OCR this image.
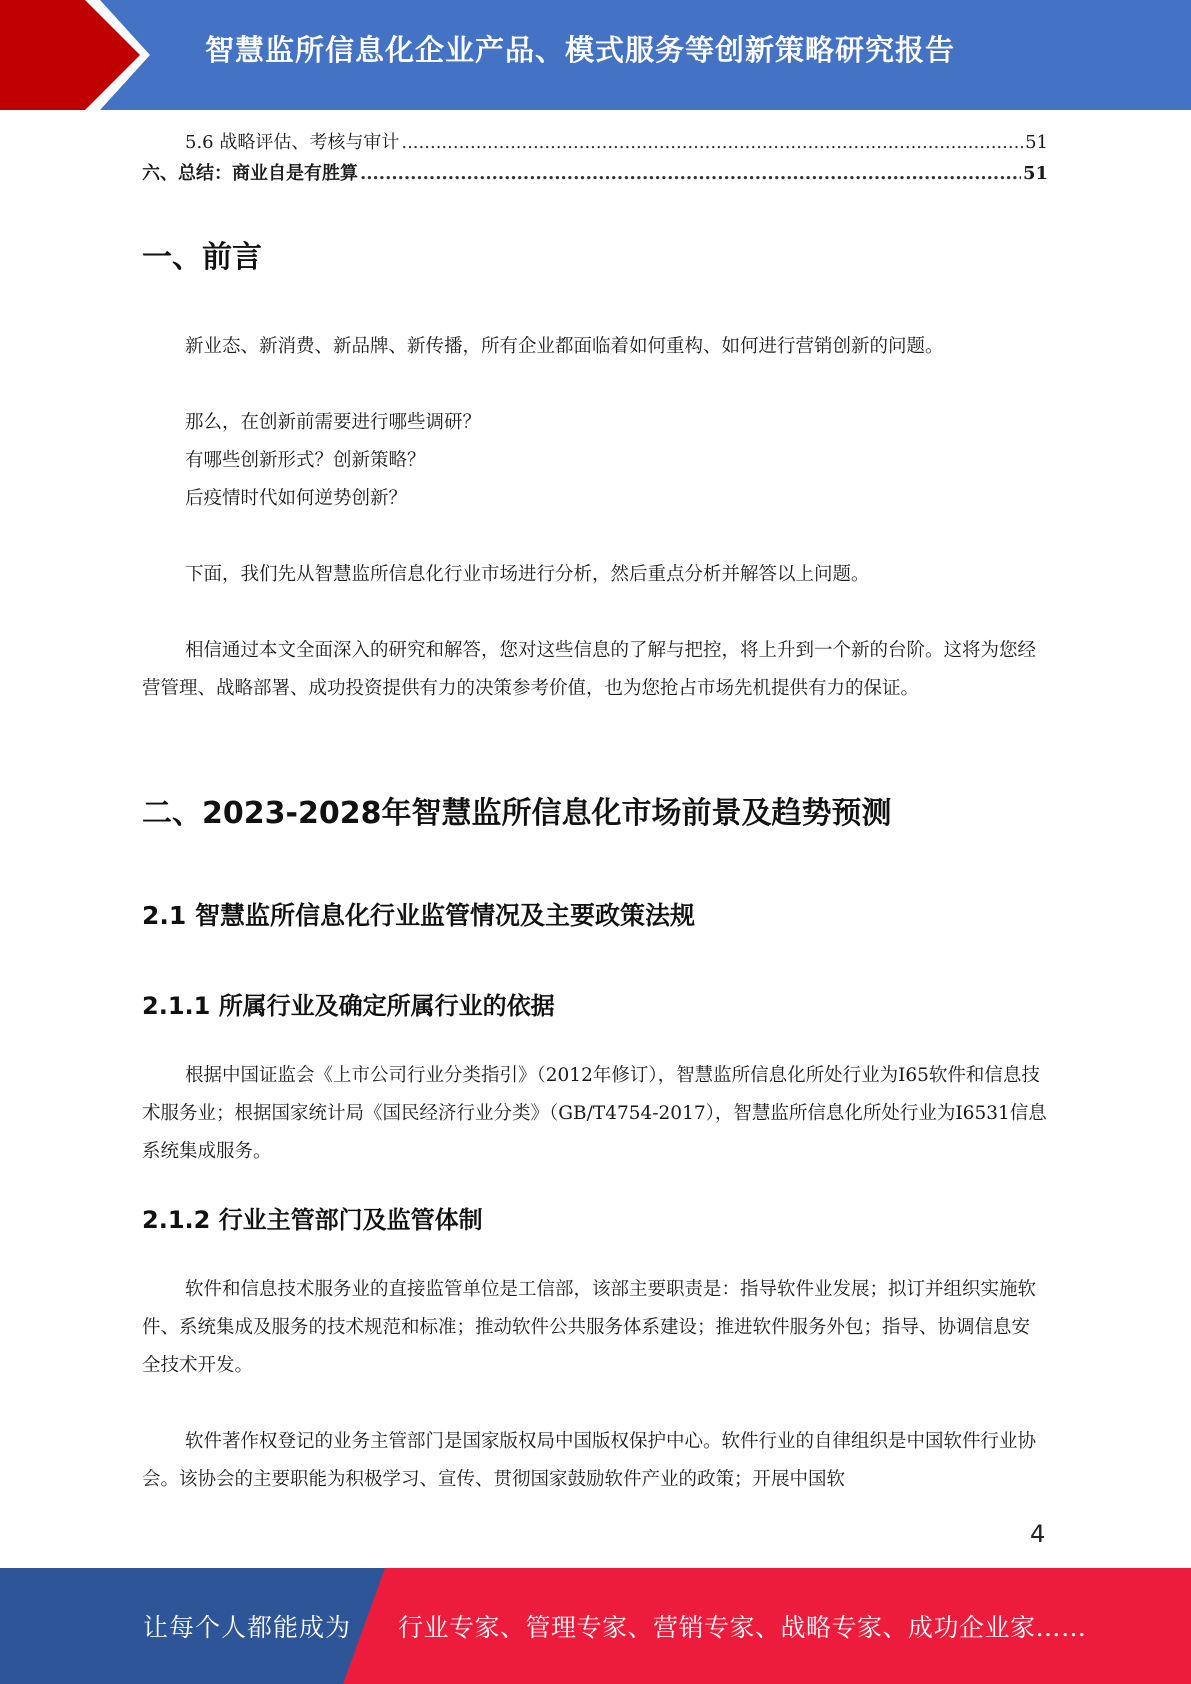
智慧监所信息化企业产品、模式服务等创新策略研究报告
5.6 战略评估、考核与审计 .....	51
六、总结：商业自是有胜算 .....	51
一、前言

新业态、新消费、新品牌、新传播，所有企业都面临着如何重构、如何进行营销创新的问题。

那么，在创新前需要进行哪些调研？

有哪些创新形式？创新策略？

后疫情时代如何逆势创新？

下面，我们先从智慧监所信息化行业市场进行分析，然后重点分析并解答以上问题。

相信通过本文全面深入的研究和解答，您对这些信息的了解与把控，将上升到一个新的台阶。这将为您经营管理、战略部署、成功投资提供有力的决策参考价值，也为您抢占市场先机提供有力的保证。

二、2023-2028年智慧监所信息化市场前景及趋势预测
2.1 智慧监所信息化行业监管情况及主要政策法规
2.1.1 所属行业及确定所属行业的依据

根据中国证监会《上市公司行业分类指引》（2012年修订），智慧监所信息化所处行业为I65软件和信息技术服务业；根据国家统计局《国民经济行业分类》（GB/T4754-2017），智慧监所信息化所处行业为I6531信息系统集成服务。

2.1.2 行业主管部门及监管体制

软件和信息技术服务业的直接监管单位是工信部，该部主要职责是：指导软件业发展；拟订并组织实施软件、系统集成及服务的技术规范和标准；推动软件公共服务体系建设；推进软件服务外包；指导、协调信息安全技术开发。

软件著作权登记的业务主管部门是国家版权局中国版权保护中心。软件行业的自律组织是中国软件行业协会。该协会的主要职能为积极学习、宣传、贯彻国家鼓励软件产业的政策；开展中国软

4
让每个人都能成为 行业专家、管理专家、营销专家、战略专家、成功企业家……
